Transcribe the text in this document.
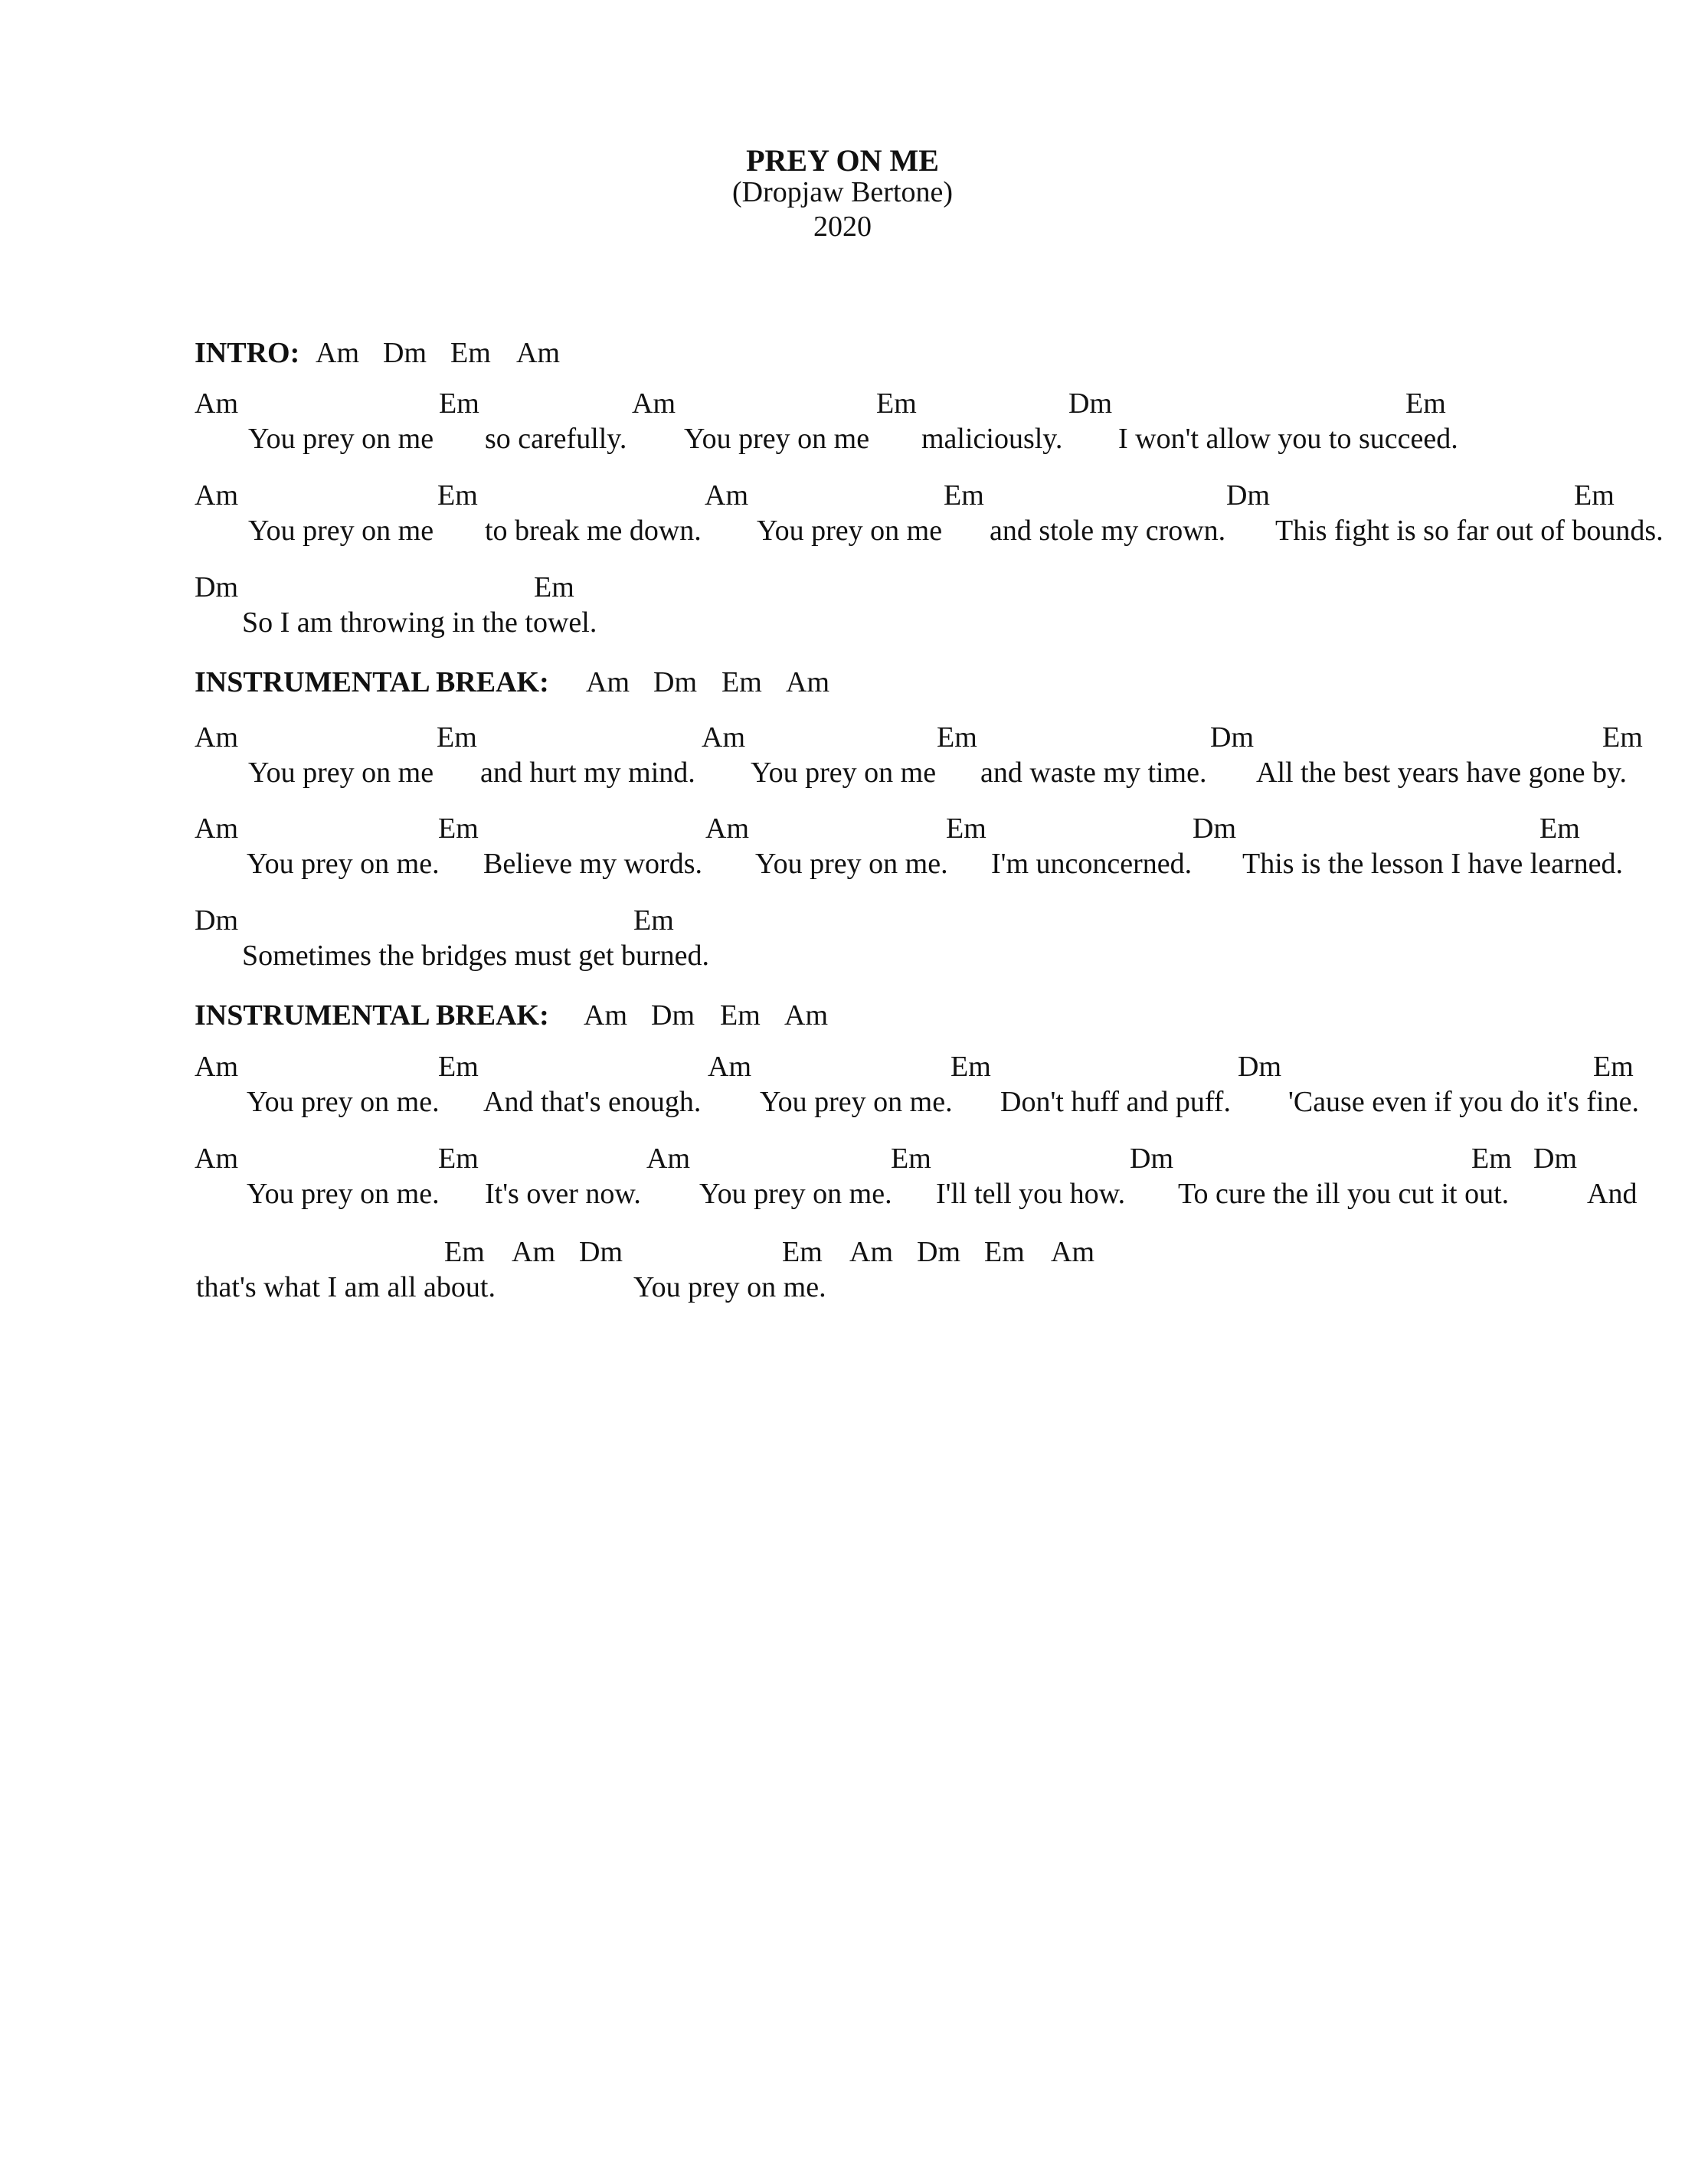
PREY ON ME
(Dropjaw Bertone)
2020
INTRO: Am Dm Em Am
Am	Em	Am	Em	Dm	Em
You prey on me so carefully. You prey on me maliciously. I won't allow you to succeed.
Am	Em	Am	Em	Dm	Em
You prey on me to break me down. You prey on me and stole my crown. This fight is so far out of bounds.
Dm	Em
So I am throwing in the towel.
INSTRUMENTAL BREAK: Am Dm Em Am
Am	Em	Am	Em	Dm	Em
You prey on me and hurt my mind. You prey on me and waste my time. All the best years have gone by.
Am	Em	Am	Em	Dm	Em
You prey on me. Believe my words. You prey on me. I'm unconcerned. This is the lesson I have learned.
Dm	Em
Sometimes the bridges must get burned.
INSTRUMENTAL BREAK: Am Dm Em Am
Am	Em	Am	Em	Dm	Em
You prey on me. And that's enough. You prey on me. Don't huff and puff. 'Cause even if you do it's fine.
Am	Em	Am	Em	Dm	Em Dm
You prey on me. It's over now. You prey on me. I'll tell you how. To cure the ill you cut it out.	And
Em Am Dm	Em Am Dm Em Am
that's what I am all about.	You prey on me.
